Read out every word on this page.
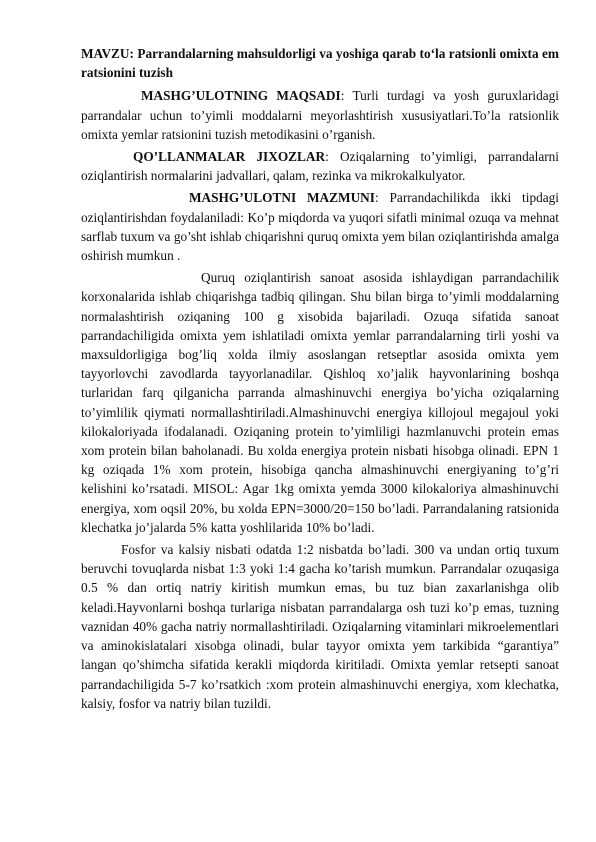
MAVZU: Parrandalarning mahsuldorligi va yoshiga qarab to‘la ratsionli omixta em ratsionini tuzish

MASHG’ULOTNING MAQSADI: Turli turdagi va yosh guruxlaridagi parrandalar uchun to’yimli moddalarni meyorlashtirish xususiyatlari.To’la ratsionlik omixta yemlar ratsionini tuzish metodikasini o’rganish.

QO’LLANMALAR JIXOZLAR: Oziqalarning to’yimligi, parrandalarni oziqlantirish normalarini jadvallari, qalam, rezinka va mikrokalkulyator.

MASHG’ULOTNI MAZMUNI: Parrandachilikda ikki tipdagi oziqlantirishdan foydalaniladi: Ko’p miqdorda va yuqori sifatli minimal ozuqa va mehnat sarflab tuxum va go’sht ishlab chiqarishni quruq omixta yem bilan oziqlantirishda amalga oshirish mumkun .

Quruq oziqlantirish sanoat asosida ishlaydigan parrandachilik korxonalarida ishlab chiqarishga tadbiq qilingan. Shu bilan birga to’yimli moddalarning normalashtirish oziqaning 100 g xisobida bajariladi. Ozuqa sifatida sanoat parrandachiligida omixta yem ishlatiladi omixta yemlar parrandalarning tirli yoshi va maxsuldorligiga bog’liq xolda ilmiy asoslangan retseptlar asosida omixta yem tayyorlovchi zavodlarda tayyorlanadilar. Qishloq xo’jalik hayvonlarining boshqa turlaridan farq qilganicha parranda almashinuvchi energiya bo’yicha oziqalarning to’yimlilik qiymati normallashtiriladi.Almashinuvchi energiya killojoul megajoul yoki kilokaloriyada ifodalanadi. Oziqaning protein to’yimliligi hazmlanuvchi protein emas xom protein bilan baholanadi. Bu xolda energiya protein nisbati hisobga olinadi. EPN 1 kg oziqada 1% xom protein, hisobiga qancha almashinuvchi energiyaning to’g’ri kelishini ko’rsatadi. MISOL: Agar 1kg omixta yemda 3000 kilokaloriya almashinuvchi energiya, xom oqsil 20%, bu xolda EPN=3000/20=150 bo’ladi. Parrandalaning ratsionida klechatka jo’jalarda 5% katta yoshlilarida 10% bo’ladi.

Fosfor va kalsiy nisbati odatda 1:2 nisbatda bo’ladi. 300 va undan ortiq tuxum beruvchi tovuqlarda nisbat 1:3 yoki 1:4 gacha ko’tarish mumkun. Parrandalar ozuqasiga 0.5 % dan ortiq natriy kiritish mumkun emas, bu tuz bian zaxarlanishga olib keladi.Hayvonlarni boshqa turlariga nisbatan parrandalarga osh tuzi ko’p emas, tuzning vaznidan 40% gacha natriy normallashtiriladi. Oziqalarning vitaminlari mikroelementlari va aminokislatalari xisobga olinadi, bular tayyor omixta yem tarkibida “garantiya” langan qo’shimcha sifatida kerakli miqdorda kiritiladi. Omixta yemlar retsepti sanoat parrandachiligida 5-7 ko’rsatkich :xom protein almashinuvchi energiya, xom klechatka, kalsiy, fosfor va natriy bilan tuzildi.
